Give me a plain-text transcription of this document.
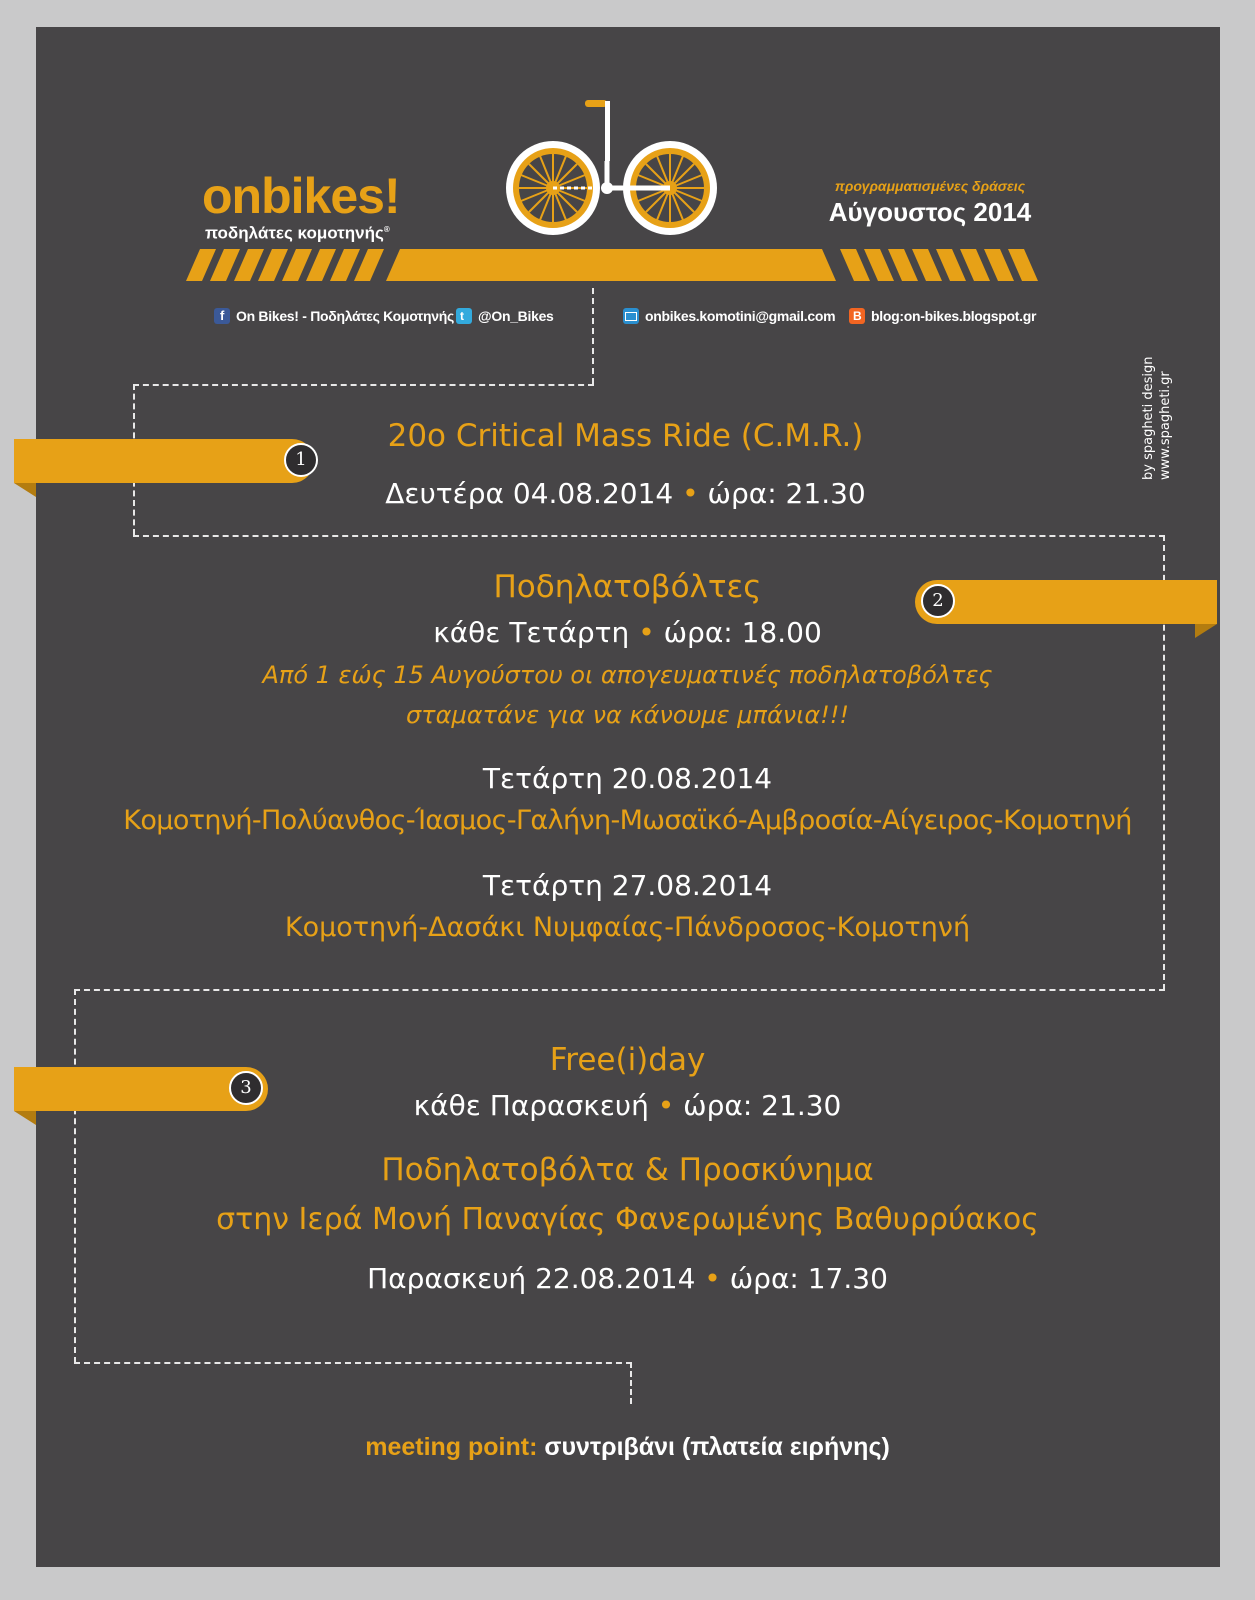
onbikes!
ποδηλάτες κομοτηνής®
προγραμματισμένες δράσεις
Αύγουστος 2014
f On Bikes! - Ποδηλάτες Κομοτηνής t @On_Bikes	onbikes.komotini@gmail.com B blog:on-bikes.blogspot.gr
by spagheti design www.spagheti.gr
1
2
3
20ο Critical Mass Ride (C.M.R.)
Δευτέρα 04.08.2014 • ώρα: 21.30
Ποδηλατοβόλτες
κάθε Τετάρτη • ώρα: 18.00
Από 1 εώς 15 Αυγούστου οι απογευματινές ποδηλατοβόλτες
σταματάνε για να κάνουμε μπάνια!!!
Τετάρτη 20.08.2014
Κομοτηνή-Πολύανθος-Ίασμος-Γαλήνη-Μωσαϊκό-Αμβροσία-Αίγειρος-Κομοτηνή
Τετάρτη 27.08.2014
Κομοτηνή-Δασάκι Νυμφαίας-Πάνδροσος-Κομοτηνή
Free(i)day
κάθε Παρασκευή • ώρα: 21.30
Ποδηλατοβόλτα & Προσκύνημα
στην Ιερά Μονή Παναγίας Φανερωμένης Βαθυρρύακος
Παρασκευή 22.08.2014 • ώρα: 17.30
meeting point: συντριβάνι (πλατεία ειρήνης)
